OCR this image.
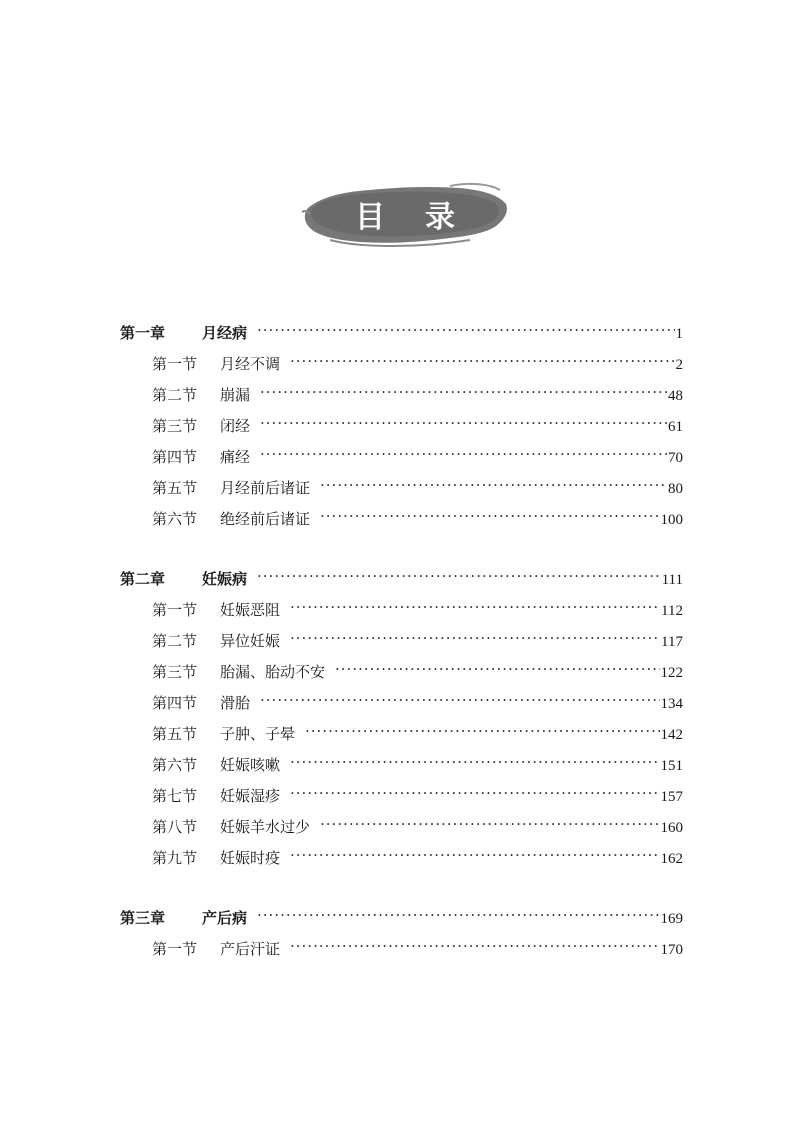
目 录
第一章	月经病 ·····	1
第一节	月经不调 ·····	2
第二节	崩漏 ·····	48
第三节	闭经 ·····	61
第四节	痛经 ·····	70
第五节	月经前后诸证 ·····	80
第六节	绝经前后诸证 ·····	100
第二章	妊娠病 ·····	111
第一节	妊娠恶阻 ·····	112
第二节	异位妊娠 ·····	117
第三节	胎漏、胎动不安 ·····	122
第四节	滑胎 ·····	134
第五节	子肿、子晕 ·····	142
第六节	妊娠咳嗽 ·····	151
第七节	妊娠湿疹 ·····	157
第八节	妊娠羊水过少 ·····	160
第九节	妊娠时疫 ·····	162
第三章	产后病 ·····	169
第一节	产后汗证 ·····	170
